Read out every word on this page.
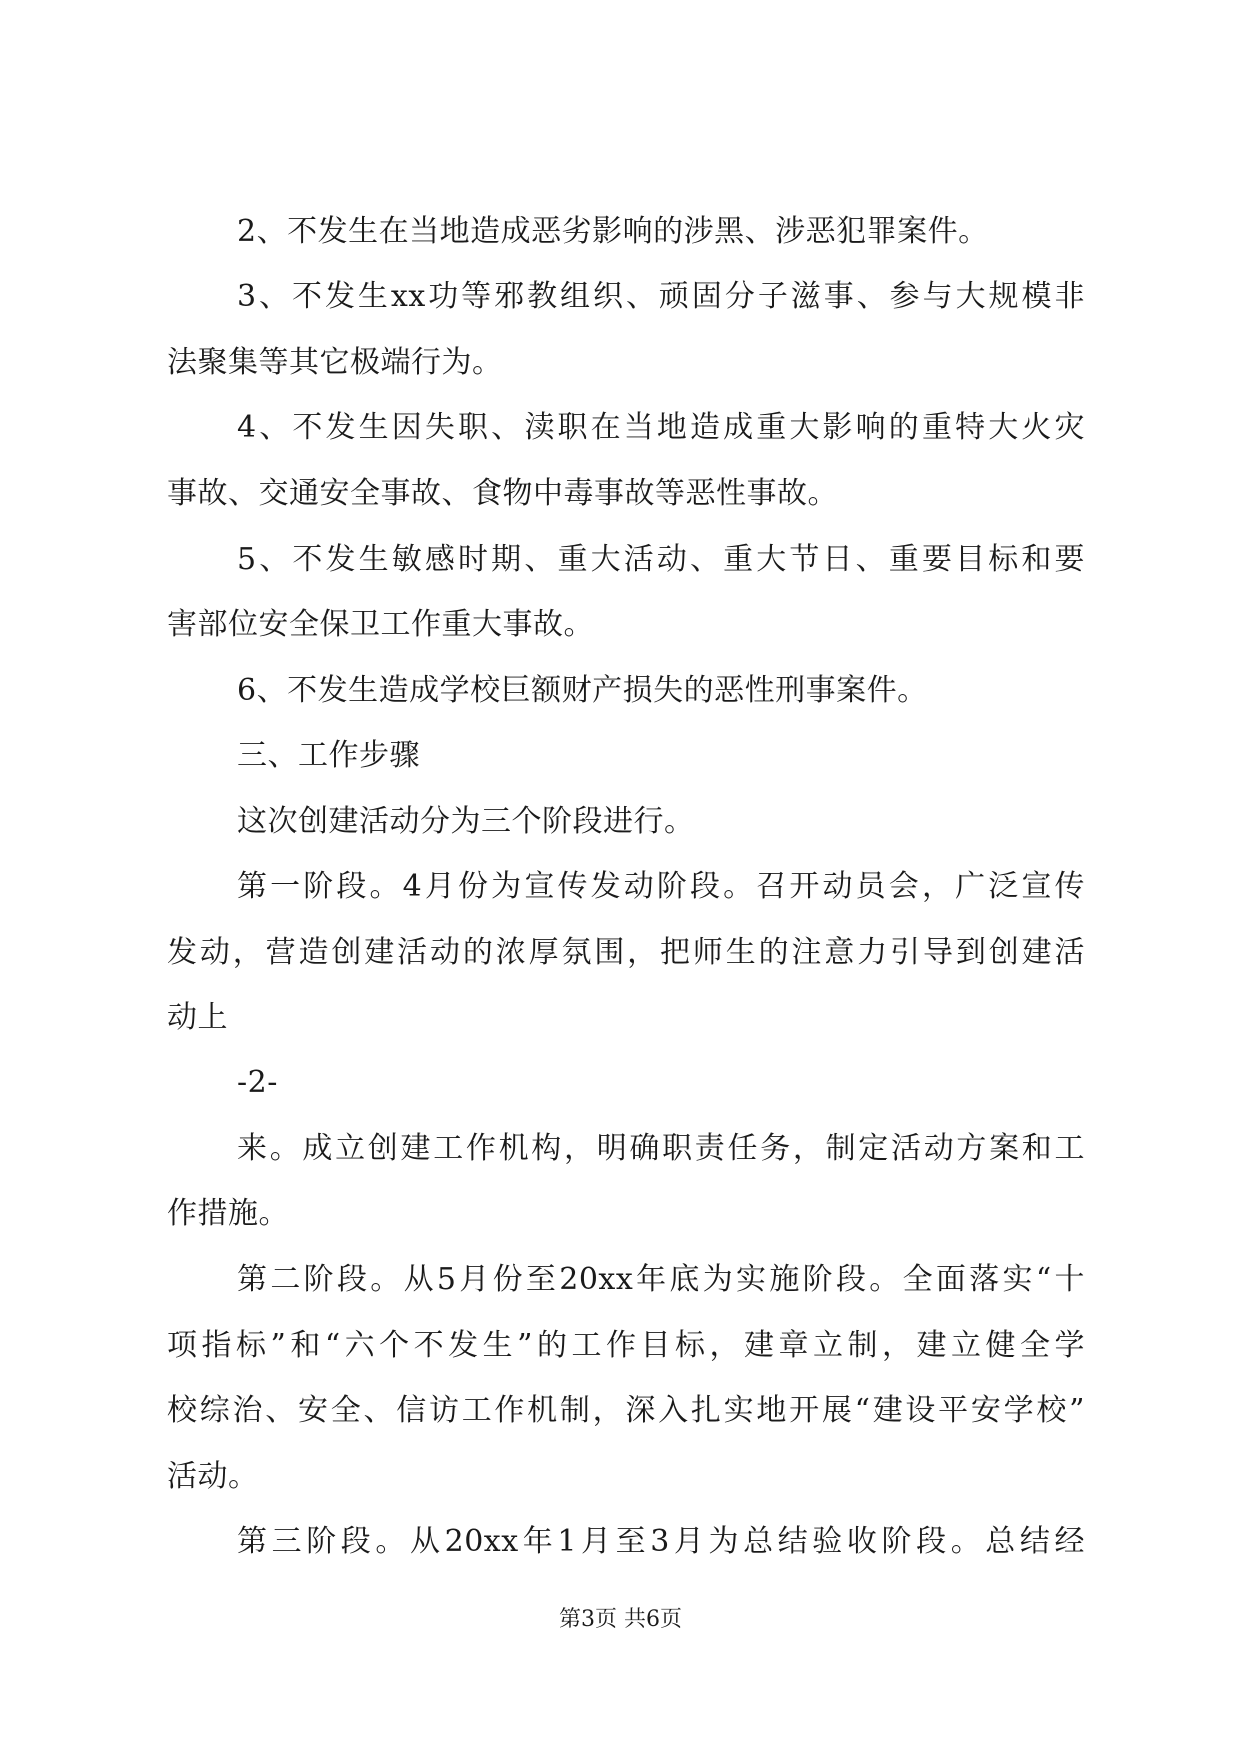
2、不发生在当地造成恶劣影响的涉黑、涉恶犯罪案件。
3、不发生xx功等邪教组织、顽固分子滋事、参与大规模非
法聚集等其它极端行为。
4、不发生因失职、渎职在当地造成重大影响的重特大火灾
事故、交通安全事故、食物中毒事故等恶性事故。
5、不发生敏感时期、重大活动、重大节日、重要目标和要
害部位安全保卫工作重大事故。
6、不发生造成学校巨额财产损失的恶性刑事案件。
三、工作步骤
这次创建活动分为三个阶段进行。
第一阶段。4月份为宣传发动阶段。召开动员会，广泛宣传
发动，营造创建活动的浓厚氛围，把师生的注意力引导到创建活
动上
-2-
来。成立创建工作机构，明确职责任务，制定活动方案和工
作措施。
第二阶段。从5月份至20xx年底为实施阶段。全面落实“十
项指标”和“六个不发生”的工作目标，建章立制，建立健全学
校综治、安全、信访工作机制，深入扎实地开展“建设平安学校”
活动。
第三阶段。从20xx年1月至3月为总结验收阶段。总结经
第3页 共6页
